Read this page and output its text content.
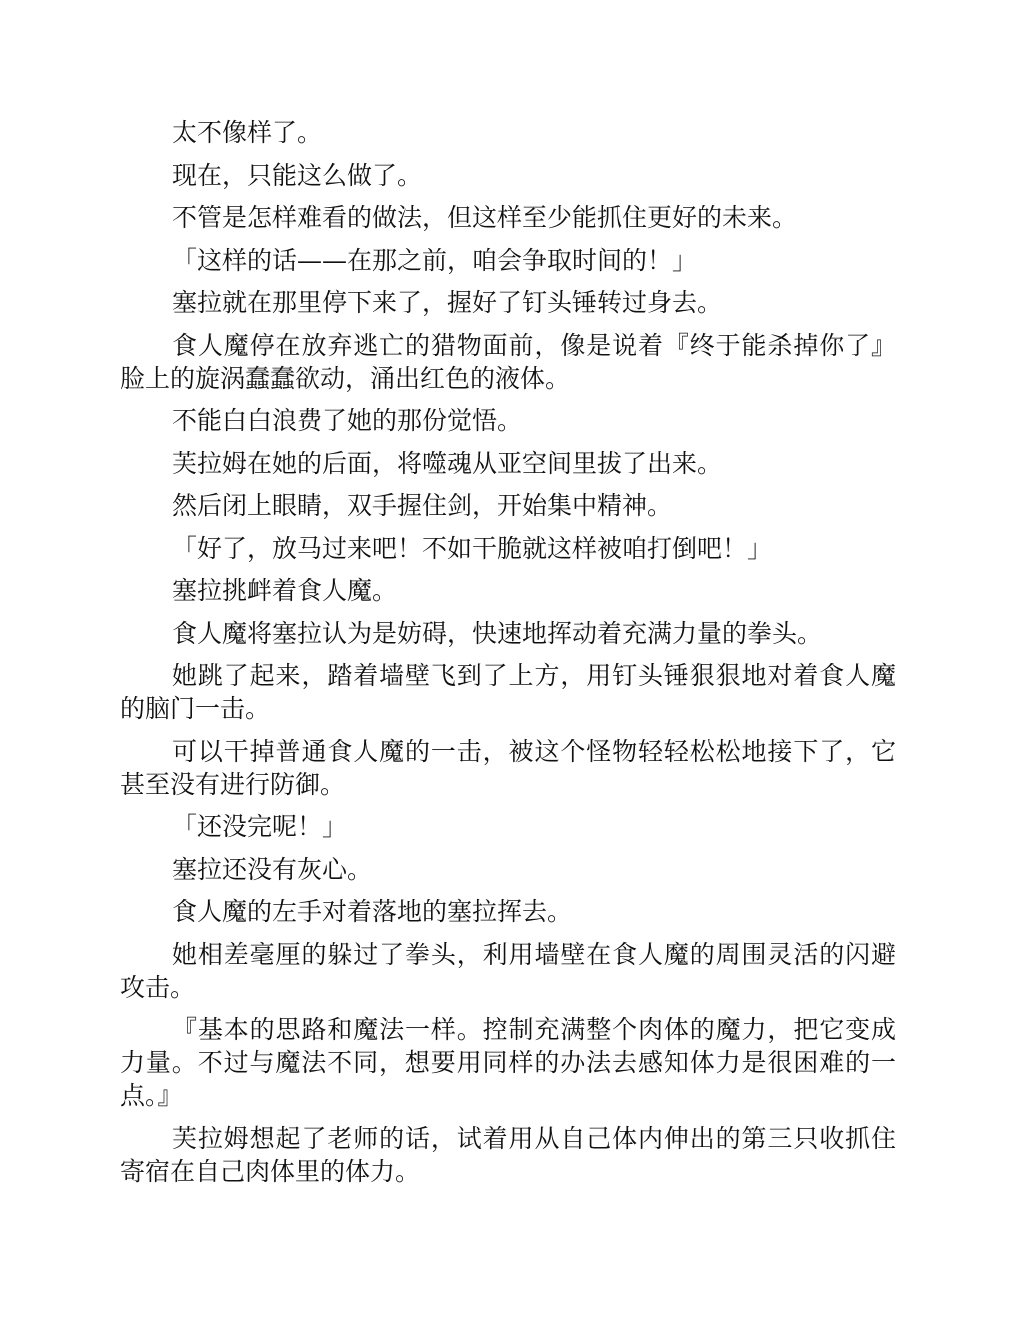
太不像样了。

现在，只能这么做了。

不管是怎样难看的做法，但这样至少能抓住更好的未来。

「这样的话——在那之前，咱会争取时间的！」

塞拉就在那里停下来了，握好了钉头锤转过身去。

食人魔停在放弃逃亡的猎物面前，像是说着『终于能杀掉你了』脸上的旋涡蠢蠢欲动，涌出红色的液体。

不能白白浪费了她的那份觉悟。

芙拉姆在她的后面，将噬魂从亚空间里拔了出来。

然后闭上眼睛，双手握住剑，开始集中精神。

「好了，放马过来吧！不如干脆就这样被咱打倒吧！」

塞拉挑衅着食人魔。

食人魔将塞拉认为是妨碍，快速地挥动着充满力量的拳头。

她跳了起来，踏着墙壁飞到了上方，用钉头锤狠狠地对着食人魔的脑门一击。

可以干掉普通食人魔的一击，被这个怪物轻轻松松地接下了，它甚至没有进行防御。

「还没完呢！」

塞拉还没有灰心。

食人魔的左手对着落地的塞拉挥去。

她相差毫厘的躲过了拳头，利用墙壁在食人魔的周围灵活的闪避攻击。

『基本的思路和魔法一样。控制充满整个肉体的魔力，把它变成力量。不过与魔法不同，想要用同样的办法去感知体力是很困难的一点。』

芙拉姆想起了老师的话，试着用从自己体内伸出的第三只收抓住寄宿在自己肉体里的体力。
